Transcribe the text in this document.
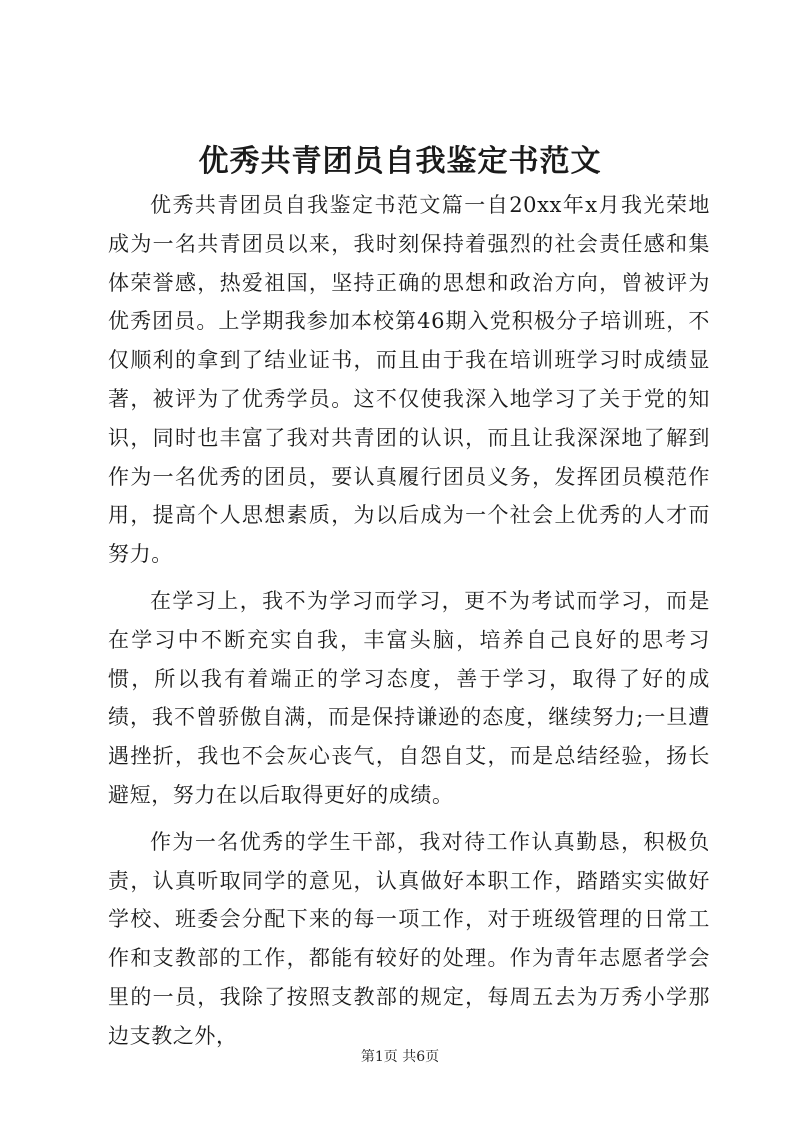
优秀共青团员自我鉴定书范文

优秀共青团员自我鉴定书范文篇一自20xx年x月我光荣地成为一名共青团员以来，我时刻保持着强烈的社会责任感和集体荣誉感，热爱祖国，坚持正确的思想和政治方向，曾被评为优秀团员。上学期我参加本校第46期入党积极分子培训班，不仅顺利的拿到了结业证书，而且由于我在培训班学习时成绩显著，被评为了优秀学员。这不仅使我深入地学习了关于党的知识，同时也丰富了我对共青团的认识，而且让我深深地了解到作为一名优秀的团员，要认真履行团员义务，发挥团员模范作用，提高个人思想素质，为以后成为一个社会上优秀的人才而努力。

在学习上，我不为学习而学习，更不为考试而学习，而是在学习中不断充实自我，丰富头脑，培养自己良好的思考习惯，所以我有着端正的学习态度，善于学习，取得了好的成绩，我不曾骄傲自满，而是保持谦逊的态度，继续努力;一旦遭遇挫折，我也不会灰心丧气，自怨自艾，而是总结经验，扬长避短，努力在以后取得更好的成绩。

作为一名优秀的学生干部，我对待工作认真勤恳，积极负责，认真听取同学的意见，认真做好本职工作，踏踏实实做好学校、班委会分配下来的每一项工作，对于班级管理的日常工作和支教部的工作，都能有较好的处理。作为青年志愿者学会里的一员，我除了按照支教部的规定，每周五去为万秀小学那边支教之外，

第1页 共6页
